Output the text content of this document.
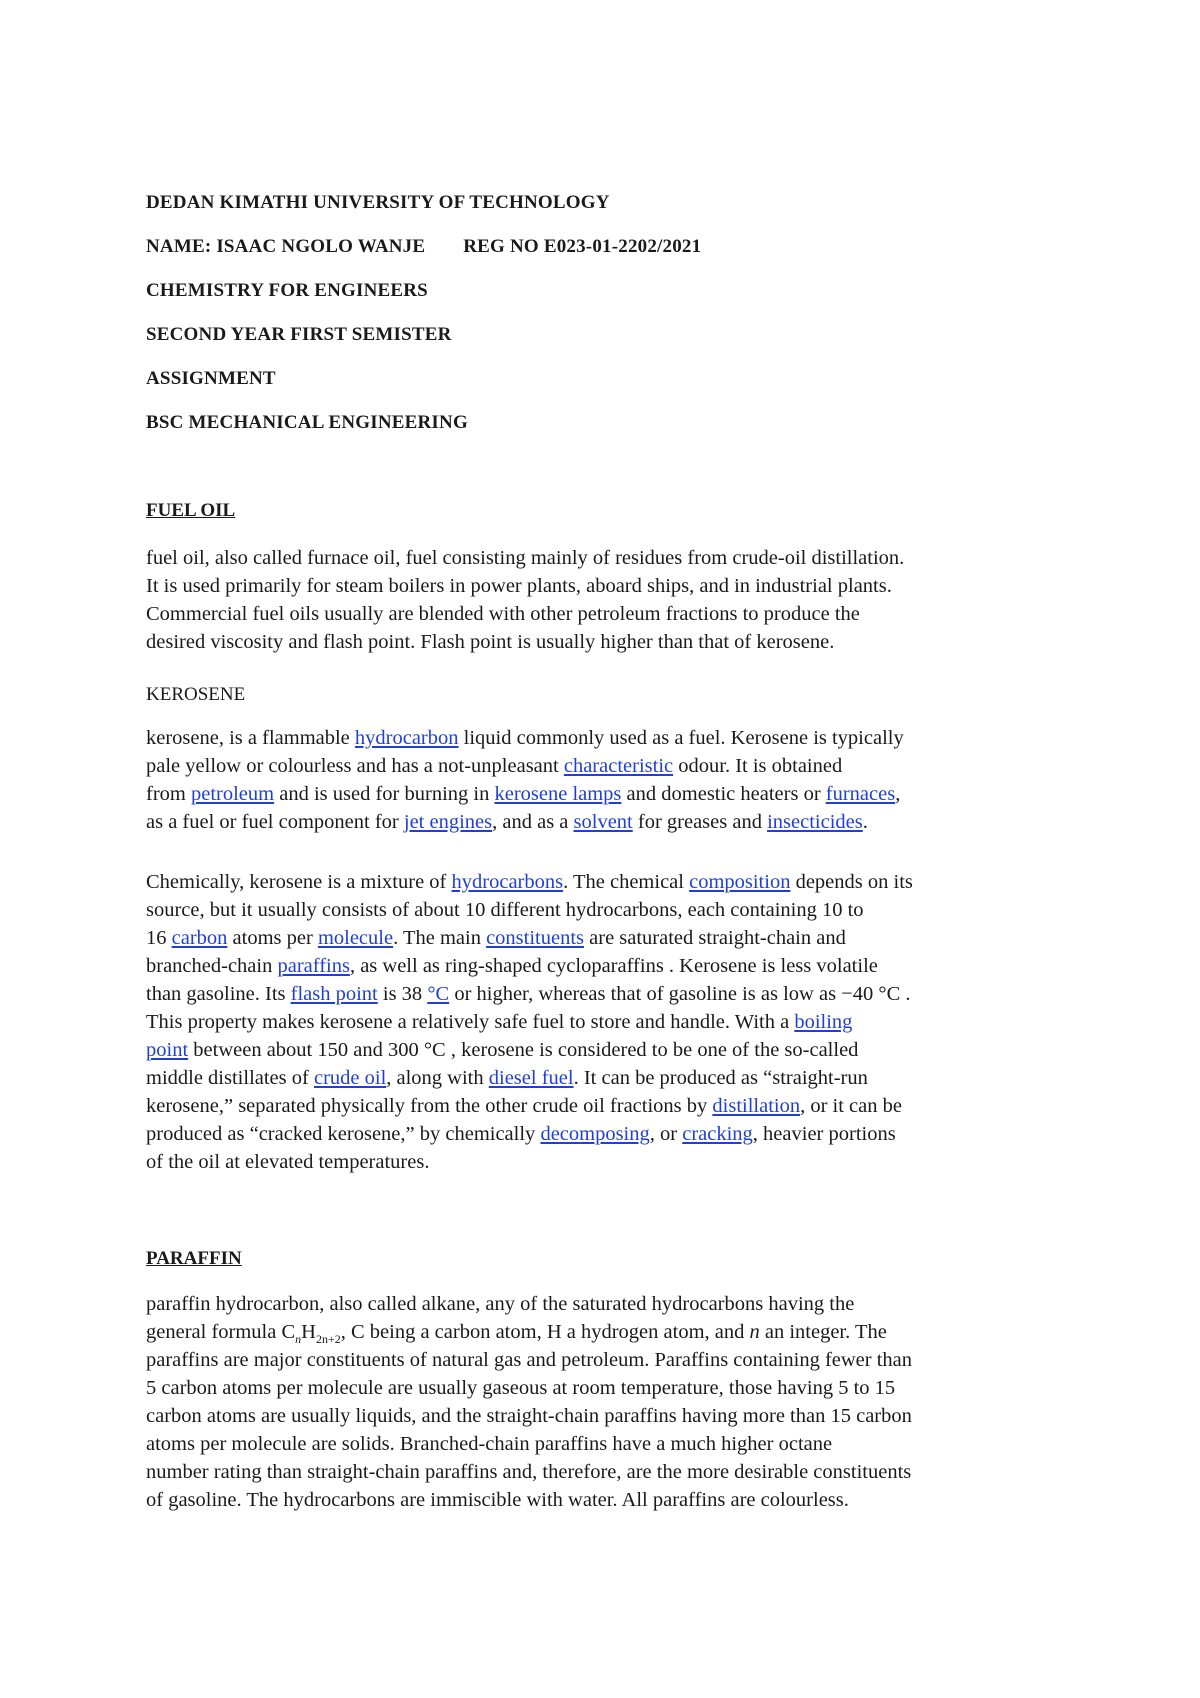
DEDAN KIMATHI UNIVERSITY OF TECHNOLOGY
NAME: ISAAC NGOLO WANJE REG NO E023-01-2202/2021
CHEMISTRY FOR ENGINEERS
SECOND YEAR FIRST SEMISTER
ASSIGNMENT
BSC MECHANICAL ENGINEERING
FUEL OIL
fuel oil, also called furnace oil, fuel consisting mainly of residues from crude-oil distillation.
It is used primarily for steam boilers in power plants, aboard ships, and in industrial plants.
Commercial fuel oils usually are blended with other petroleum fractions to produce the
desired viscosity and flash point. Flash point is usually higher than that of kerosene.
KEROSENE
kerosene, is a flammable hydrocarbon liquid commonly used as a fuel. Kerosene is typically
pale yellow or colourless and has a not-unpleasant characteristic odour. It is obtained
from petroleum and is used for burning in kerosene lamps and domestic heaters or furnaces,
as a fuel or fuel component for jet engines, and as a solvent for greases and insecticides.
Chemically, kerosene is a mixture of hydrocarbons. The chemical composition depends on its
source, but it usually consists of about 10 different hydrocarbons, each containing 10 to
16 carbon atoms per molecule. The main constituents are saturated straight-chain and
branched-chain paraffins, as well as ring-shaped cycloparaffins . Kerosene is less volatile
than gasoline. Its flash point is 38 °C or higher, whereas that of gasoline is as low as −40 °C .
This property makes kerosene a relatively safe fuel to store and handle. With a boiling
point between about 150 and 300 °C , kerosene is considered to be one of the so-called
middle distillates of crude oil, along with diesel fuel. It can be produced as “straight-run
kerosene,” separated physically from the other crude oil fractions by distillation, or it can be
produced as “cracked kerosene,” by chemically decomposing, or cracking, heavier portions
of the oil at elevated temperatures.
PARAFFIN
paraffin hydrocarbon, also called alkane, any of the saturated hydrocarbons having the
general formula $C_nH_{2n+2}$, C being a carbon atom, H a hydrogen atom, and n an integer. The
paraffins are major constituents of natural gas and petroleum. Paraffins containing fewer than
5 carbon atoms per molecule are usually gaseous at room temperature, those having 5 to 15
carbon atoms are usually liquids, and the straight-chain paraffins having more than 15 carbon
atoms per molecule are solids. Branched-chain paraffins have a much higher octane
number rating than straight-chain paraffins and, therefore, are the more desirable constituents
of gasoline. The hydrocarbons are immiscible with water. All paraffins are colourless.
